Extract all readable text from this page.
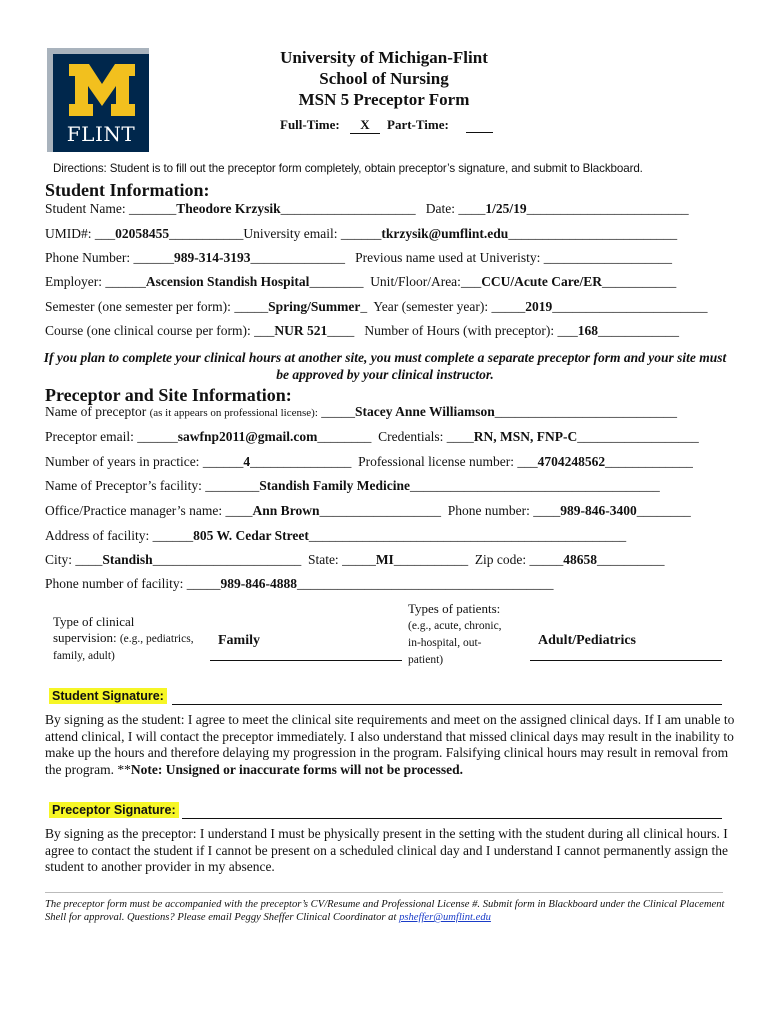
FLINT
University of Michigan-Flint
School of Nursing
MSN 5 Preceptor Form
Full-Time:	X	Part-Time:
Directions: Student is to fill out the preceptor form completely, obtain preceptor’s signature, and submit to Blackboard.
Student Information:
Student Name: _______Theodore Krzysik____________________   Date: ____1/25/19________________________
UMID#: ___02058455___________University email: ______tkrzysik@umflint.edu_________________________
Phone Number: ______989-314-3193______________   Previous name used at Univeristy: ___________________
Employer: ______Ascension Standish Hospital________  Unit/Floor/Area:___CCU/Acute Care/ER___________
Semester (one semester per form): _____Spring/Summer_  Year (semester year): _____2019_______________________
Course (one clinical course per form): ___NUR 521____   Number of Hours (with preceptor): ___168____________
If you plan to complete your clinical hours at another site, you must complete a separate preceptor form and your site must be approved by your clinical instructor.
Preceptor and Site Information:
Name of preceptor (as it appears on professional license): _____Stacey Anne Williamson___________________________
Preceptor email: ______sawfnp2011@gmail.com________  Credentials: ____RN, MSN, FNP-C__________________
Number of years in practice: ______4_______________  Professional license number: ___4704248562_____________
Name of Preceptor’s facility: ________Standish Family Medicine_____________________________________
Office/Practice manager’s name: ____Ann Brown__________________  Phone number: ____989-846-3400________
Address of facility: ______805 W. Cedar Street_______________________________________________
City: ____Standish______________________  State: _____MI___________  Zip code: _____48658__________
Phone number of facility: _____989-846-4888______________________________________
Type of clinical
supervision: (e.g., pediatrics,
family, adult)
Family
Types of patients:
(e.g., acute, chronic,
in-hospital, out-
patient)
Adult/Pediatrics
Student Signature:
By signing as the student: I agree to meet the clinical site requirements and meet on the assigned clinical days. If I am unable to attend clinical, I will contact the preceptor immediately. I also understand that missed clinical days may result in the inability to make up the hours and therefore delaying my progression in the program. Falsifying clinical hours may result in removal from the program. **Note: Unsigned or inaccurate forms will not be processed.
Preceptor Signature:
By signing as the preceptor: I understand I must be physically present in the setting with the student during all clinical hours. I agree to contact the student if I cannot be present on a scheduled clinical day and I understand I cannot permanently assign the student to another provider in my absence.
The preceptor form must be accompanied with the preceptor’s CV/Resume and Professional License #. Submit form in Blackboard under the Clinical Placement Shell for approval. Questions? Please email Peggy Sheffer Clinical Coordinator at psheffer@umflint.edu
